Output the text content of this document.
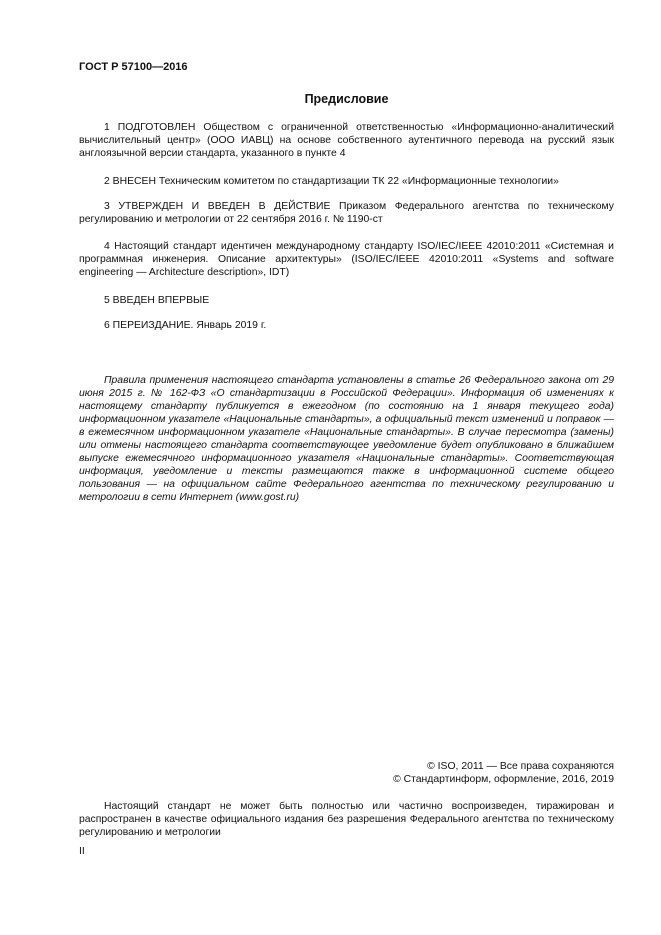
ГОСТ Р 57100—2016
Предисловие
1 ПОДГОТОВЛЕН Обществом с ограниченной ответственностью «Информационно-аналитический вычислительный центр» (ООО ИАВЦ) на основе собственного аутентичного перевода на русский язык англоязычной версии стандарта, указанного в пункте 4
2 ВНЕСЕН Техническим комитетом по стандартизации ТК 22 «Информационные технологии»
3 УТВЕРЖДЕН И ВВЕДЕН В ДЕЙСТВИЕ Приказом Федерального агентства по техническому регулированию и метрологии от 22 сентября 2016 г. № 1190-ст
4 Настоящий стандарт идентичен международному стандарту ISO/IEC/IEEE 42010:2011 «Системная и программная инженерия. Описание архитектуры» (ISO/IEC/IEEE 42010:2011 «Systems and software engineering — Architecture description», IDT)
5 ВВЕДЕН ВПЕРВЫЕ
6 ПЕРЕИЗДАНИЕ. Январь 2019 г.
Правила применения настоящего стандарта установлены в статье 26 Федерального закона от 29 июня 2015 г. № 162-ФЗ «О стандартизации в Российской Федерации». Информация об изменениях к настоящему стандарту публикуется в ежегодном (по состоянию на 1 января текущего года) информационном указателе «Национальные стандарты», а официальный текст изменений и поправок — в ежемесячном информационном указателе «Национальные стандарты». В случае пересмотра (замены) или отмены настоящего стандарта соответствующее уведомление будет опубликовано в ближайшем выпуске ежемесячного информационного указателя «Национальные стандарты». Соответствующая информация, уведомление и тексты размещаются также в информационной системе общего пользования — на официальном сайте Федерального агентства по техническому регулированию и метрологии в сети Интернет (www.gost.ru)
© ISO, 2011 — Все права сохраняются
© Стандартинформ, оформление, 2016, 2019
Настоящий стандарт не может быть полностью или частично воспроизведен, тиражирован и распространен в качестве официального издания без разрешения Федерального агентства по техническому регулированию и метрологии
II
